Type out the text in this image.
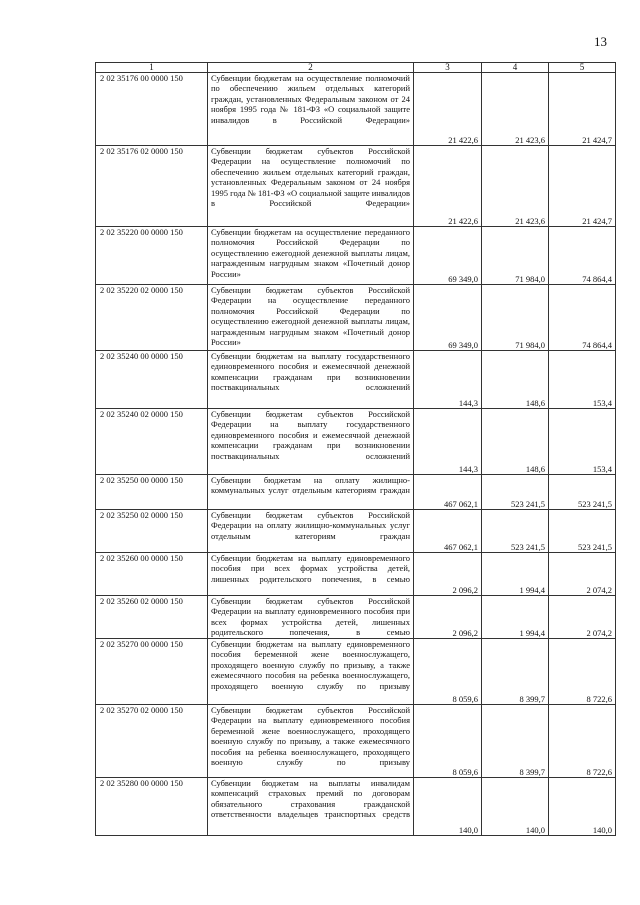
13
1	2	3	4	5
2 02 35176 00 0000 150	Субвенции бюджетам на осуществление полномочий по обеспечению жильем отдельных категорий граждан, установленных Федеральным законом от 24 ноября 1995 года № 181-ФЗ «О социальной защите инвалидов в Российской Федерации»	21 422,6	21 423,6	21 424,7
2 02 35176 02 0000 150	Субвенции бюджетам субъектов Российской Федерации на осуществление полномочий по обеспечению жильем отдельных категорий граждан, установленных Федеральным законом от 24 ноября 1995 года № 181-ФЗ «О социальной защите инвалидов в Российской Федерации»	21 422,6	21 423,6	21 424,7
2 02 35220 00 0000 150	Субвенции бюджетам на осуществление переданного полномочия Российской Федерации по осуществлению ежегодной денежной выплаты лицам, награжденным нагрудным знаком «Почетный донор России»	69 349,0	71 984,0	74 864,4
2 02 35220 02 0000 150	Субвенции бюджетам субъектов Российской Федерации на осуществление переданного полномочия Российской Федерации по осуществлению ежегодной денежной выплаты лицам, награжденным нагрудным знаком «Почетный донор России»	69 349,0	71 984,0	74 864,4
2 02 35240 00 0000 150	Субвенции бюджетам на выплату государственного единовременного пособия и ежемесячной денежной компенсации гражданам при возникновении поствакцинальных осложнений	144,3	148,6	153,4
2 02 35240 02 0000 150	Субвенции бюджетам субъектов Российской Федерации на выплату государственного единовременного пособия и ежемесячной денежной компенсации гражданам при возникновении поствакцинальных осложнений	144,3	148,6	153,4
2 02 35250 00 0000 150	Субвенции бюджетам на оплату жилищно-коммунальных услуг отдельным категориям граждан	467 062,1	523 241,5	523 241,5
2 02 35250 02 0000 150	Субвенции бюджетам субъектов Российской Федерации на оплату жилищно-коммунальных услуг отдельным категориям граждан	467 062,1	523 241,5	523 241,5
2 02 35260 00 0000 150	Субвенции бюджетам на выплату единовременного пособия при всех формах устройства детей, лишенных родительского попечения, в семью	2 096,2	1 994,4	2 074,2
2 02 35260 02 0000 150	Субвенции бюджетам субъектов Российской Федерации на выплату единовременного пособия при всех формах устройства детей, лишенных родительского попечения, в семью	2 096,2	1 994,4	2 074,2
2 02 35270 00 0000 150	Субвенции бюджетам на выплату единовременного пособия беременной жене военнослужащего, проходящего военную службу по призыву, а также ежемесячного пособия на ребенка военнослужащего, проходящего военную службу по призыву	8 059,6	8 399,7	8 722,6
2 02 35270 02 0000 150	Субвенции бюджетам субъектов Российской Федерации на выплату единовременного пособия беременной жене военнослужащего, проходящего военную службу по призыву, а также ежемесячного пособия на ребенка военнослужащего, проходящего военную службу по призыву	8 059,6	8 399,7	8 722,6
2 02 35280 00 0000 150	Субвенции бюджетам на выплаты инвалидам компенсаций страховых премий по договорам обязательного страхования гражданской ответственности владельцев транспортных средств	140,0	140,0	140,0
